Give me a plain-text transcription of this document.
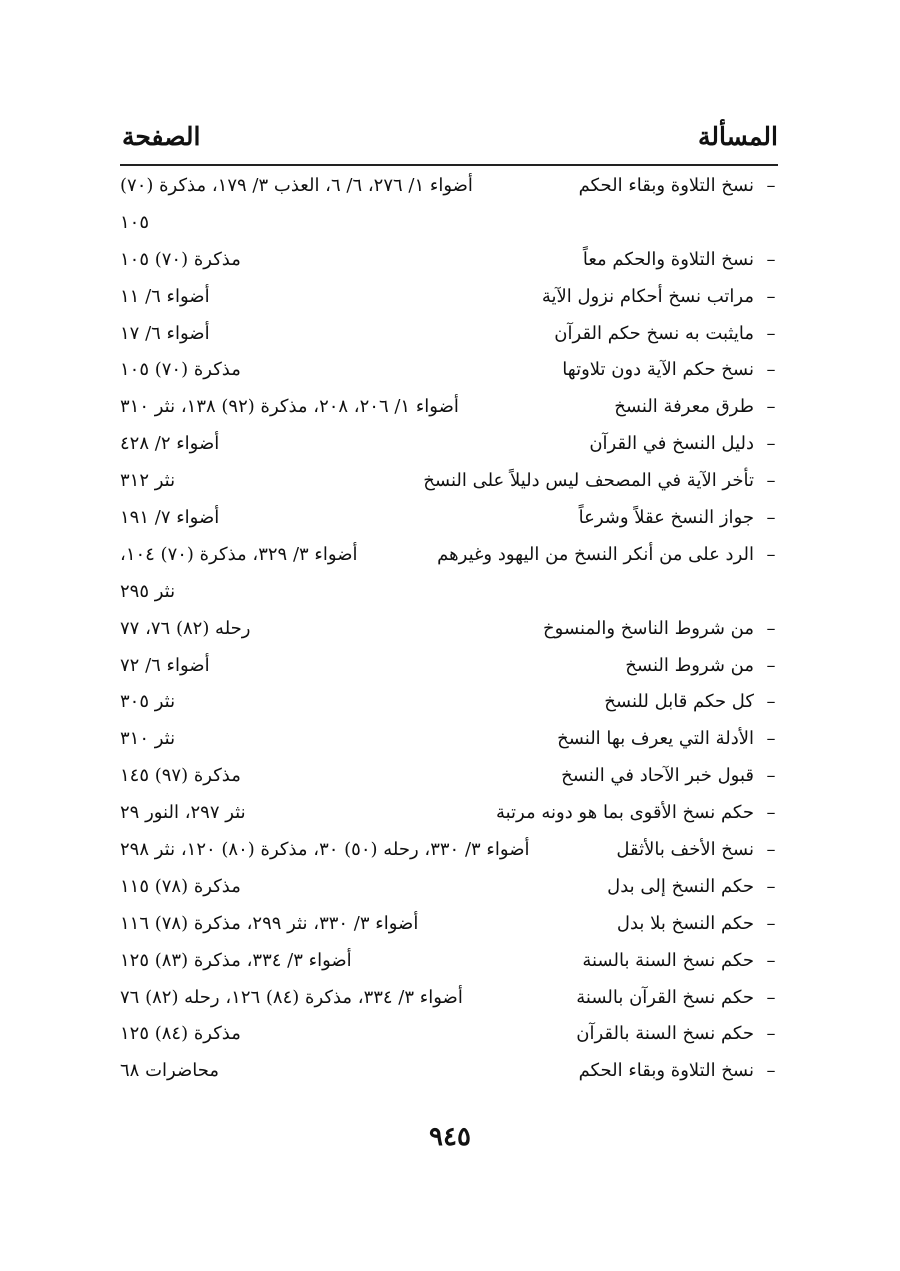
المسألة
الصفحة
–
نسخ التلاوة وبقاء الحكم
أضواء ١/ ٢٧٦، ٦/ ٦، العذب ٣/ ١٧٩، مذكرة (٧٠)
١٠٥
–
نسخ التلاوة والحكم معاً
مذكرة (٧٠) ١٠٥
–
مراتب نسخ أحكام نزول الآية
أضواء ٦/ ١١
–
مايثبت به نسخ حكم القرآن
أضواء ٦/ ١٧
–
نسخ حكم الآية دون تلاوتها
مذكرة (٧٠) ١٠٥
–
طرق معرفة النسخ
أضواء ١/ ٢٠٦، ٢٠٨، مذكرة (٩٢) ١٣٨، نثر ٣١٠
–
دليل النسخ في القرآن
أضواء ٢/ ٤٢٨
–
تأخر الآية في المصحف ليس دليلاً على النسخ
نثر ٣١٢
–
جواز النسخ عقلاً وشرعاً
أضواء ٧/ ١٩١
–
الرد على من أنكر النسخ من اليهود وغيرهم
أضواء ٣/ ٣٢٩، مذكرة (٧٠) ١٠٤،
نثر ٢٩٥
–
من شروط الناسخ والمنسوخ
رحله (٨٢) ٧٦، ٧٧
–
من شروط النسخ
أضواء ٦/ ٧٢
–
كل حكم قابل للنسخ
نثر ٣٠٥
–
الأدلة التي يعرف بها النسخ
نثر ٣١٠
–
قبول خبر الآحاد في النسخ
مذكرة (٩٧) ١٤٥
–
حكم نسخ الأقوى بما هو دونه مرتبة
نثر ٢٩٧، النور ٢٩
–
نسخ الأخف بالأثقل
أضواء ٣/ ٣٣٠، رحله (٥٠) ٣٠، مذكرة (٨٠) ١٢٠، نثر ٢٩٨
–
حكم النسخ إلى بدل
مذكرة (٧٨) ١١٥
–
حكم النسخ بلا بدل
أضواء ٣/ ٣٣٠، نثر ٢٩٩، مذكرة (٧٨) ١١٦
–
حكم نسخ السنة بالسنة
أضواء ٣/ ٣٣٤، مذكرة (٨٣) ١٢٥
–
حكم نسخ القرآن بالسنة
أضواء ٣/ ٣٣٤، مذكرة (٨٤) ١٢٦، رحله (٨٢) ٧٦
–
حكم نسخ السنة بالقرآن
مذكرة (٨٤) ١٢٥
–
نسخ التلاوة وبقاء الحكم
محاضرات ٦٨
٩٤٥
